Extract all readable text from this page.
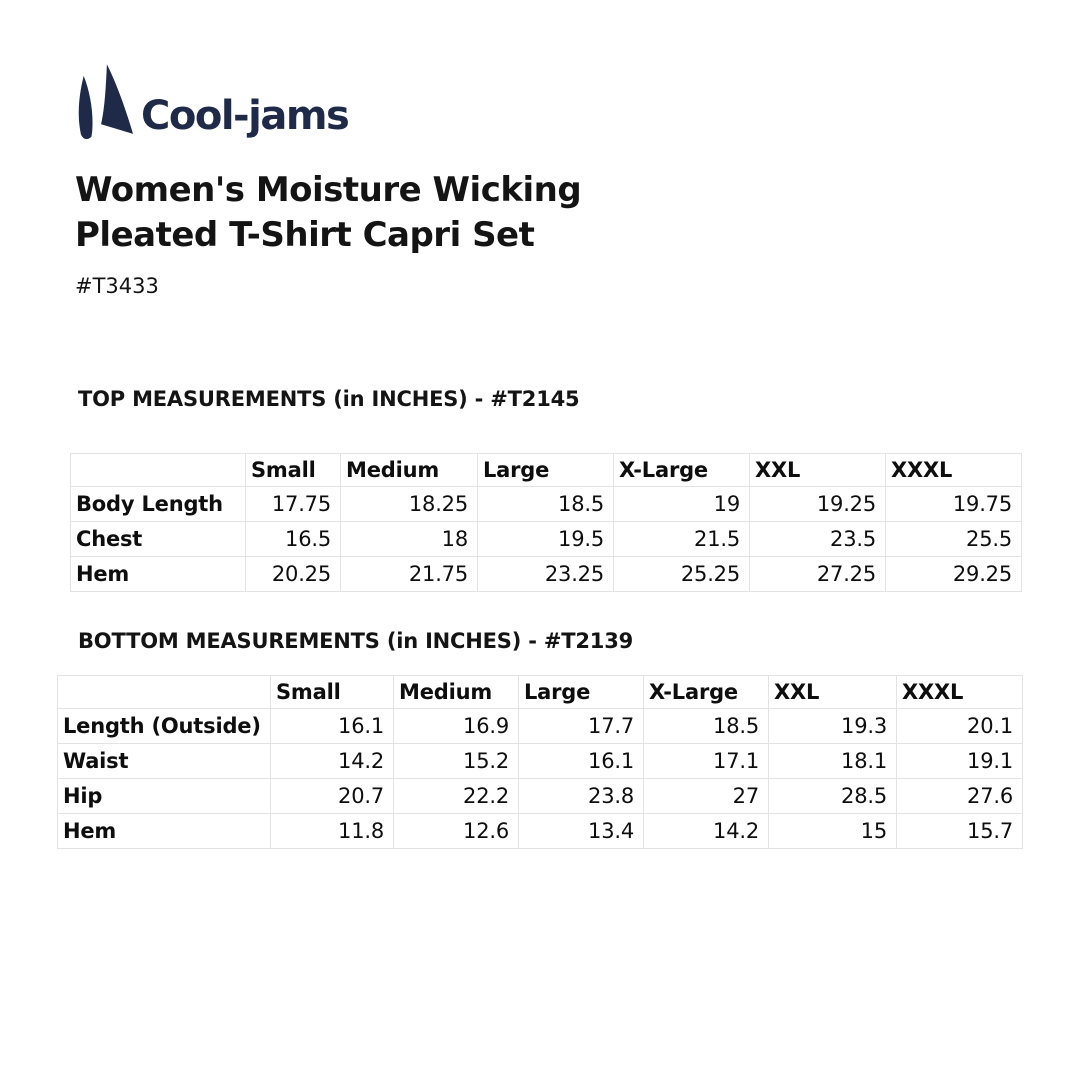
Cool-jams
Women's Moisture Wicking
Pleated T-Shirt Capri Set
#T3433
TOP MEASUREMENTS (in INCHES) - #T2145
	Small	Medium	Large	X-Large	XXL	XXXL
Body Length	17.75	18.25	18.5	19	19.25	19.75
Chest	16.5	18	19.5	21.5	23.5	25.5
Hem	20.25	21.75	23.25	25.25	27.25	29.25
BOTTOM MEASUREMENTS (in INCHES) - #T2139
	Small	Medium	Large	X-Large	XXL	XXXL
Length (Outside)	16.1	16.9	17.7	18.5	19.3	20.1
Waist	14.2	15.2	16.1	17.1	18.1	19.1
Hip	20.7	22.2	23.8	27	28.5	27.6
Hem	11.8	12.6	13.4	14.2	15	15.7
